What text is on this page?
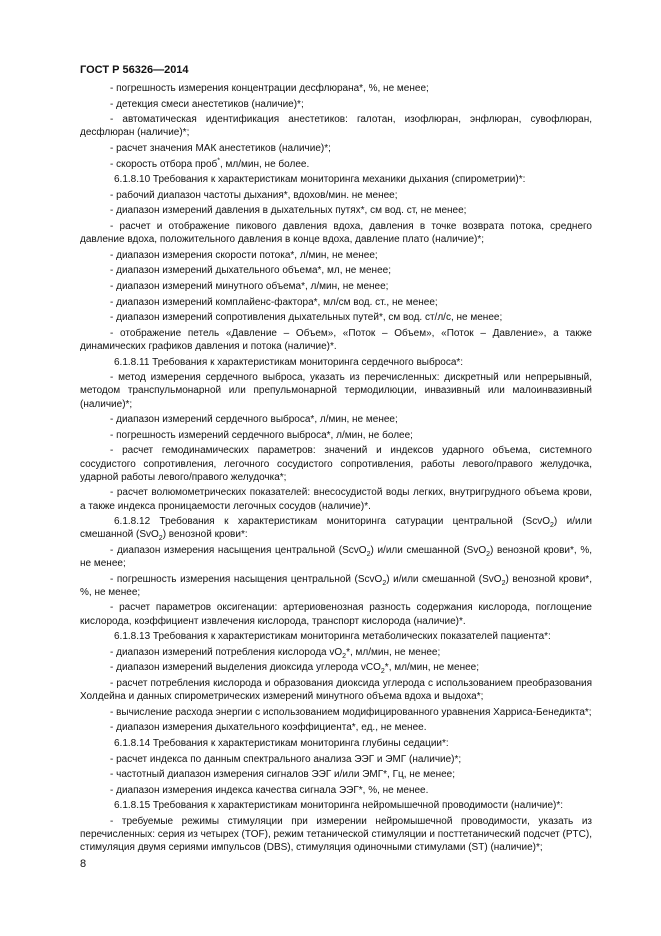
ГОСТ Р 56326—2014

- погрешность измерения концентрации десфлюрана*, %, не менее;

- детекция смеси анестетиков (наличие)*;

- автоматическая идентификация анестетиков: галотан, изофлюран, энфлюран, сувофлюран, десфлюран (наличие)*;

- расчет значения МАК анестетиков (наличие)*;

- скорость отбора проб*, мл/мин, не более.

6.1.8.10 Требования к характеристикам мониторинга механики дыхания (спирометрии)*:

- рабочий диапазон частоты дыхания*, вдохов/мин. не менее;

- диапазон измерений давления в дыхательных путях*, см вод. ст, не менее;

- расчет и отображение пикового давления вдоха, давления в точке возврата потока, среднего давление вдоха, положительного давления в конце вдоха, давление плато (наличие)*;

- диапазон измерения скорости потока*, л/мин, не менее;

- диапазон измерений дыхательного объема*, мл, не менее;

- диапазон измерений минутного объема*, л/мин, не менее;

- диапазон измерений комплайенс-фактора*, мл/см вод. ст., не менее;

- диапазон измерений сопротивления дыхательных путей*, см вод. ст/л/с, не менее;

- отображение петель «Давление – Объем», «Поток – Объем», «Поток – Давление», а также динамических графиков давления и потока (наличие)*.

6.1.8.11 Требования к характеристикам мониторинга сердечного выброса*:

- метод измерения сердечного выброса, указать из перечисленных: дискретный или непрерывный, методом транспульмонарной или препульмонарной термодилюции, инвазивный или малоинвазивный (наличие)*;

- диапазон измерений сердечного выброса*, л/мин, не менее;

- погрешность измерений сердечного выброса*, л/мин, не более;

- расчет гемодинамических параметров: значений и индексов ударного объема, системного сосудистого сопротивления, легочного сосудистого сопротивления, работы левого/правого желудочка, ударной работы левого/правого желудочка*;

- расчет волюмометрических показателей: внесосудистой воды легких, внутригрудного объема крови, а также индекса проницаемости легочных сосудов (наличие)*.

6.1.8.12 Требования к характеристикам мониторинга сатурации центральной (ScvO$_2$) и/или смешанной (SvO$_2$) венозной крови*:

- диапазон измерения насыщения центральной (ScvO$_2$) и/или смешанной (SvO$_2$) венозной крови*, %, не менее;

- погрешность измерения насыщения центральной (ScvO$_2$) и/или смешанной (SvO$_2$) венозной крови*, %, не менее;

- расчет параметров оксигенации: артериовенозная разность содержания кислорода, поглощение кислорода, коэффициент извлечения кислорода, транспорт кислорода (наличие)*.

6.1.8.13 Требования к характеристикам мониторинга метаболических показателей пациента*:

- диапазон измерений потребления кислорода $vO_2*$, мл/мин, не менее;

- диапазон измерений выделения диоксида углерода vCO$_2$*, мл/мин, не менее;

- расчет потребления кислорода и образования диоксида углерода с использованием преобразования Холдейна и данных спирометрических измерений минутного объема вдоха и выдоха*;

- вычисление расхода энергии с использованием модифицированного уравнения Харриса-Бенедикта*;

- диапазон измерения дыхательного коэффициента*, ед., не менее.

6.1.8.14 Требования к характеристикам мониторинга глубины седации*:

- расчет индекса по данным спектрального анализа ЭЭГ и ЭМГ (наличие)*;

- частотный диапазон измерения сигналов ЭЭГ и/или ЭМГ*, Гц, не менее;

- диапазон измерения индекса качества сигнала ЭЭГ*, %, не менее.

6.1.8.15 Требования к характеристикам мониторинга нейромышечной проводимости (наличие)*:

- требуемые режимы стимуляции при измерении нейромышечной проводимости, указать из перечисленных: серия из четырех (TOF), режим тетанической стимуляции и посттетанический подсчет (PTC), стимуляция двумя сериями импульсов (DBS), стимуляция одиночными стимулами (ST) (наличие)*;

8
